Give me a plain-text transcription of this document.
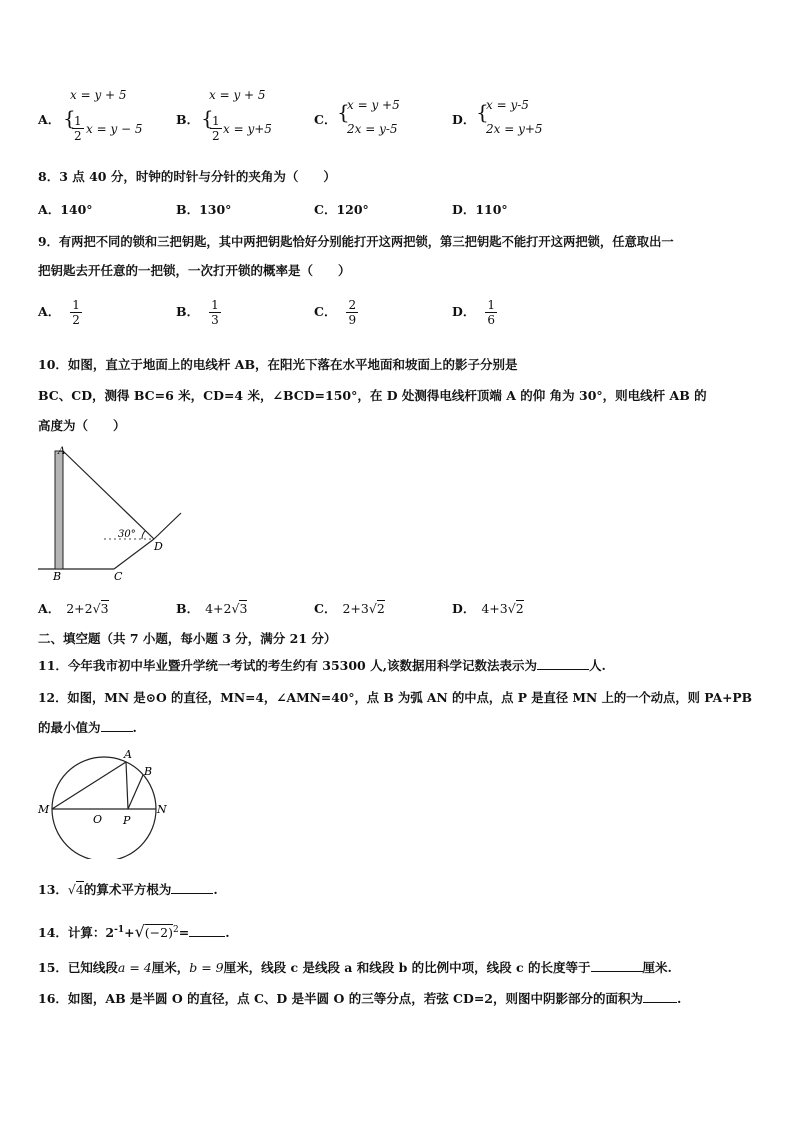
A．
x = y + 5
{
$\frac{1}{2}$ x = y − 5
B．
x = y + 5
{
$\frac{1}{2}$ x = y+5
C． {
x = y +5
2x = y-5
D． {
x = y-5
2x = y+5
8．3 点 40 分，时钟的时针与分针的夹角为（　　）
A．140°	B．130°	C．120°	D．110°
9．有两把不同的锁和三把钥匙，其中两把钥匙恰好分别能打开这两把锁，第三把钥匙不能打开这两把锁，任意取出一
把钥匙去开任意的一把锁，一次打开锁的概率是（　　）
A． $\frac{1}{2}$	B． $\frac{1}{3}$	C． $\frac{2}{9}$	D． $\frac{1}{6}$
10．如图，直立于地面上的电线杆 AB，在阳光下落在水平地面和坡面上的影子分别是
BC、CD，测得 BC=6 米，CD=4 米，∠BCD=150°，在 D 处测得电线杆顶端 A 的仰 角为 30°，则电线杆 AB 的
高度为（　　）
A
B	C
D
30°
A． 2+2√3	B． 4+2√3	C． 2+3√2	D． 4+3√2
二、填空题（共 7 小题，每小题 3 分，满分 21 分）
11．今年我市初中毕业暨升学统一考试的考生约有 35300 人,该数据用科学记数法表示为	人.
12．如图，MN 是⊙O 的直径，MN=4，∠AMN=40°，点 B 为弧 AN 的中点，点 P 是直径 MN 上的一个动点，则 PA+PB
的最小值为	.
M
O P
N
A
B
13．√4的算术平方根为	.
14．计算：$2^{-1}+√(-2)^2=$	.
15．已知线段a = 4厘米，b = 9厘米，线段 c 是线段 a 和线段 b 的比例中项，线段 c 的长度等于	厘米.
16．如图，AB 是半圆 O 的直径，点 C、D 是半圆 O 的三等分点，若弦 CD=2，则图中阴影部分的面积为	.
